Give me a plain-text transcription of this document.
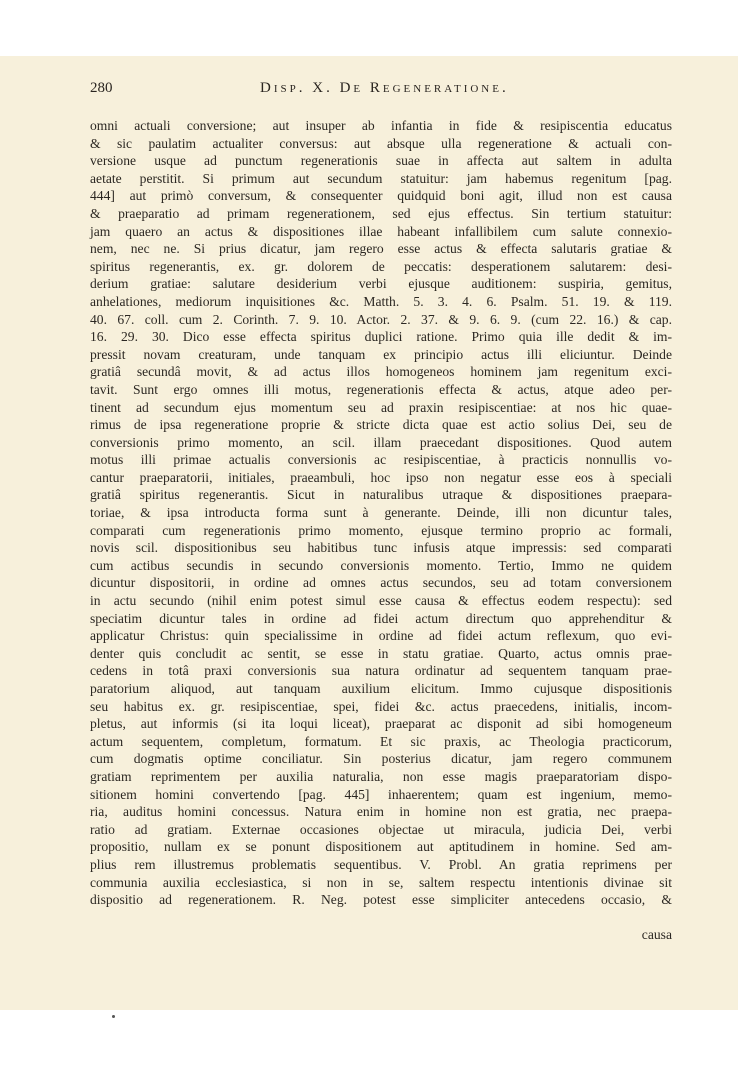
280	Disp. X. De Regeneratione.
omni actuali conversione; aut insuper ab infantia in fide & resipiscentia educatus
& sic paulatim actualiter conversus: aut absque ulla regeneratione & actuali con-
versione usque ad punctum regenerationis suae in affecta aut saltem in adulta
aetate perstitit. Si primum aut secundum statuitur: jam habemus regenitum [pag.
444] aut primò conversum, & consequenter quidquid boni agit, illud non est causa
& praeparatio ad primam regenerationem, sed ejus effectus. Sin tertium statuitur:
jam quaero an actus & dispositiones illae habeant infallibilem cum salute connexio-
nem, nec ne. Si prius dicatur, jam regero esse actus & effecta salutaris gratiae &
spiritus regenerantis, ex. gr. dolorem de peccatis: desperationem salutarem: desi-
derium gratiae: salutare desiderium verbi ejusque auditionem: suspiria, gemitus,
anhelationes, mediorum inquisitiones &c. Matth. 5. 3. 4. 6. Psalm. 51. 19. & 119.
40. 67. coll. cum 2. Corinth. 7. 9. 10. Actor. 2. 37. & 9. 6. 9. (cum 22. 16.) & cap.
16. 29. 30. Dico esse effecta spiritus duplici ratione. Primo quia ille dedit & im-
pressit novam creaturam, unde tanquam ex principio actus illi eliciuntur. Deinde
gratiâ secundâ movit, & ad actus illos homogeneos hominem jam regenitum exci-
tavit. Sunt ergo omnes illi motus, regenerationis effecta & actus, atque adeo per-
tinent ad secundum ejus momentum seu ad praxin resipiscentiae: at nos hic quae-
rimus de ipsa regeneratione proprie & stricte dicta quae est actio solius Dei, seu de
conversionis primo momento, an scil. illam praecedant dispositiones. Quod autem
motus illi primae actualis conversionis ac resipiscentiae, à practicis nonnullis vo-
cantur praeparatorii, initiales, praeambuli, hoc ipso non negatur esse eos à speciali
gratiâ spiritus regenerantis. Sicut in naturalibus utraque & dispositiones praepara-
toriae, & ipsa introducta forma sunt à generante. Deinde, illi non dicuntur tales,
comparati cum regenerationis primo momento, ejusque termino proprio ac formali,
novis scil. dispositionibus seu habitibus tunc infusis atque impressis: sed comparati
cum actibus secundis in secundo conversionis momento. Tertio, Immo ne quidem
dicuntur dispositorii, in ordine ad omnes actus secundos, seu ad totam conversionem
in actu secundo (nihil enim potest simul esse causa & effectus eodem respectu): sed
speciatim dicuntur tales in ordine ad fidei actum directum quo apprehenditur &
applicatur Christus: quin specialissime in ordine ad fidei actum reflexum, quo evi-
denter quis concludit ac sentit, se esse in statu gratiae. Quarto, actus omnis prae-
cedens in totâ praxi conversionis sua natura ordinatur ad sequentem tanquam prae-
paratorium aliquod, aut tanquam auxilium elicitum. Immo cujusque dispositionis
seu habitus ex. gr. resipiscentiae, spei, fidei &c. actus praecedens, initialis, incom-
pletus, aut informis (si ita loqui liceat), praeparat ac disponit ad sibi homogeneum
actum sequentem, completum, formatum. Et sic praxis, ac Theologia practicorum,
cum dogmatis optime conciliatur. Sin posterius dicatur, jam regero communem
gratiam reprimentem per auxilia naturalia, non esse magis praeparatoriam dispo-
sitionem homini convertendo [pag. 445] inhaerentem; quam est ingenium, memo-
ria, auditus homini concessus. Natura enim in homine non est gratia, nec praepa-
ratio ad gratiam. Externae occasiones objectae ut miracula, judicia Dei, verbi
propositio, nullam ex se ponunt dispositionem aut aptitudinem in homine. Sed am-
plius rem illustremus problematis sequentibus. V. Probl. An gratia reprimens per
communia auxilia ecclesiastica, si non in se, saltem respectu intentionis divinae sit
dispositio ad regenerationem. R. Neg. potest esse simpliciter antecedens occasio, &
causa
